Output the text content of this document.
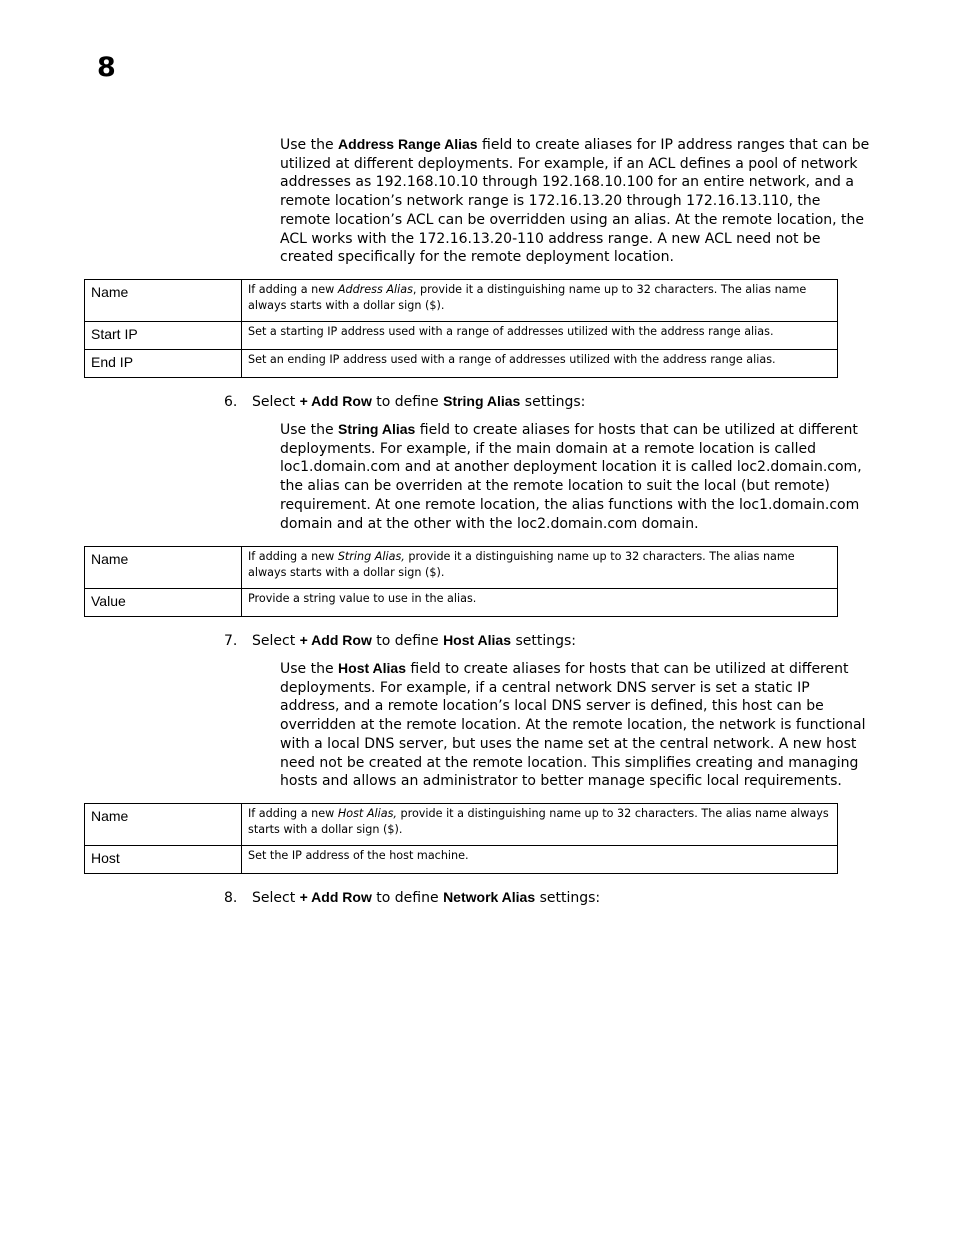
8

Use the Address Range Alias field to create aliases for IP address ranges that can be utilized at different deployments. For example, if an ACL defines a pool of network addresses as 192.168.10.10 through 192.168.10.100 for an entire network, and a remote location’s network range is 172.16.13.20 through 172.16.13.110, the remote location’s ACL can be overridden using an alias. At the remote location, the ACL works with the 172.16.13.20-110 address range. A new ACL need not be created specifically for the remote deployment location.

Name	If adding a new Address Alias, provide it a distinguishing name up to 32 characters. The alias name always starts with a dollar sign ($).
Start IP	Set a starting IP address used with a range of addresses utilized with the address range alias.
End IP	Set an ending IP address used with a range of addresses utilized with the address range alias.

6. Select + Add Row to define String Alias settings:

Use the String Alias field to create aliases for hosts that can be utilized at different deployments. For example, if the main domain at a remote location is called loc1.domain.com and at another deployment location it is called loc2.domain.com, the alias can be overriden at the remote location to suit the local (but remote) requirement. At one remote location, the alias functions with the loc1.domain.com domain and at the other with the loc2.domain.com domain.

Name	If adding a new String Alias, provide it a distinguishing name up to 32 characters. The alias name always starts with a dollar sign ($).
Value	Provide a string value to use in the alias.

7. Select + Add Row to define Host Alias settings:

Use the Host Alias field to create aliases for hosts that can be utilized at different deployments. For example, if a central network DNS server is set a static IP address, and a remote location’s local DNS server is defined, this host can be overridden at the remote location. At the remote location, the network is functional with a local DNS server, but uses the name set at the central network. A new host need not be created at the remote location. This simplifies creating and managing hosts and allows an administrator to better manage specific local requirements.

Name	If adding a new Host Alias, provide it a distinguishing name up to 32 characters. The alias name always starts with a dollar sign ($).
Host	Set the IP address of the host machine.

8. Select + Add Row to define Network Alias settings:
